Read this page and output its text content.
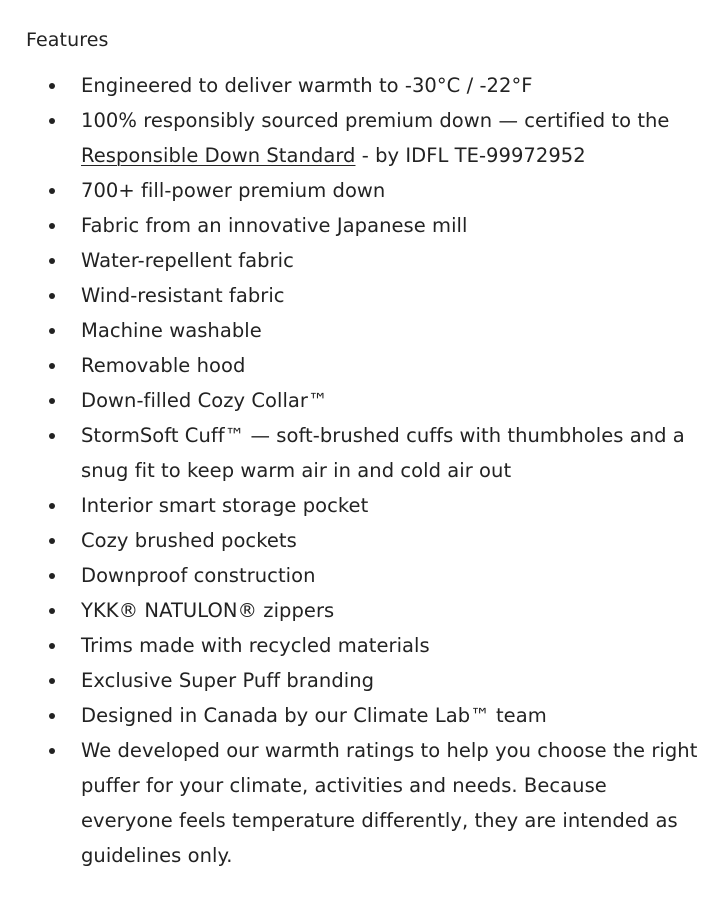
Features
Engineered to deliver warmth to -30°C / -22°F
100% responsibly sourced premium down — certified to the Responsible Down Standard - by IDFL TE-99972952
700+ fill-power premium down
Fabric from an innovative Japanese mill
Water-repellent fabric
Wind-resistant fabric
Machine washable
Removable hood
Down-filled Cozy Collar™
StormSoft Cuff™ — soft-brushed cuffs with thumbholes and a snug fit to keep warm air in and cold air out
Interior smart storage pocket
Cozy brushed pockets
Downproof construction
YKK® NATULON® zippers
Trims made with recycled materials
Exclusive Super Puff branding
Designed in Canada by our Climate Lab™ team
We developed our warmth ratings to help you choose the right puffer for your climate, activities and needs. Because everyone feels temperature differently, they are intended as guidelines only.
